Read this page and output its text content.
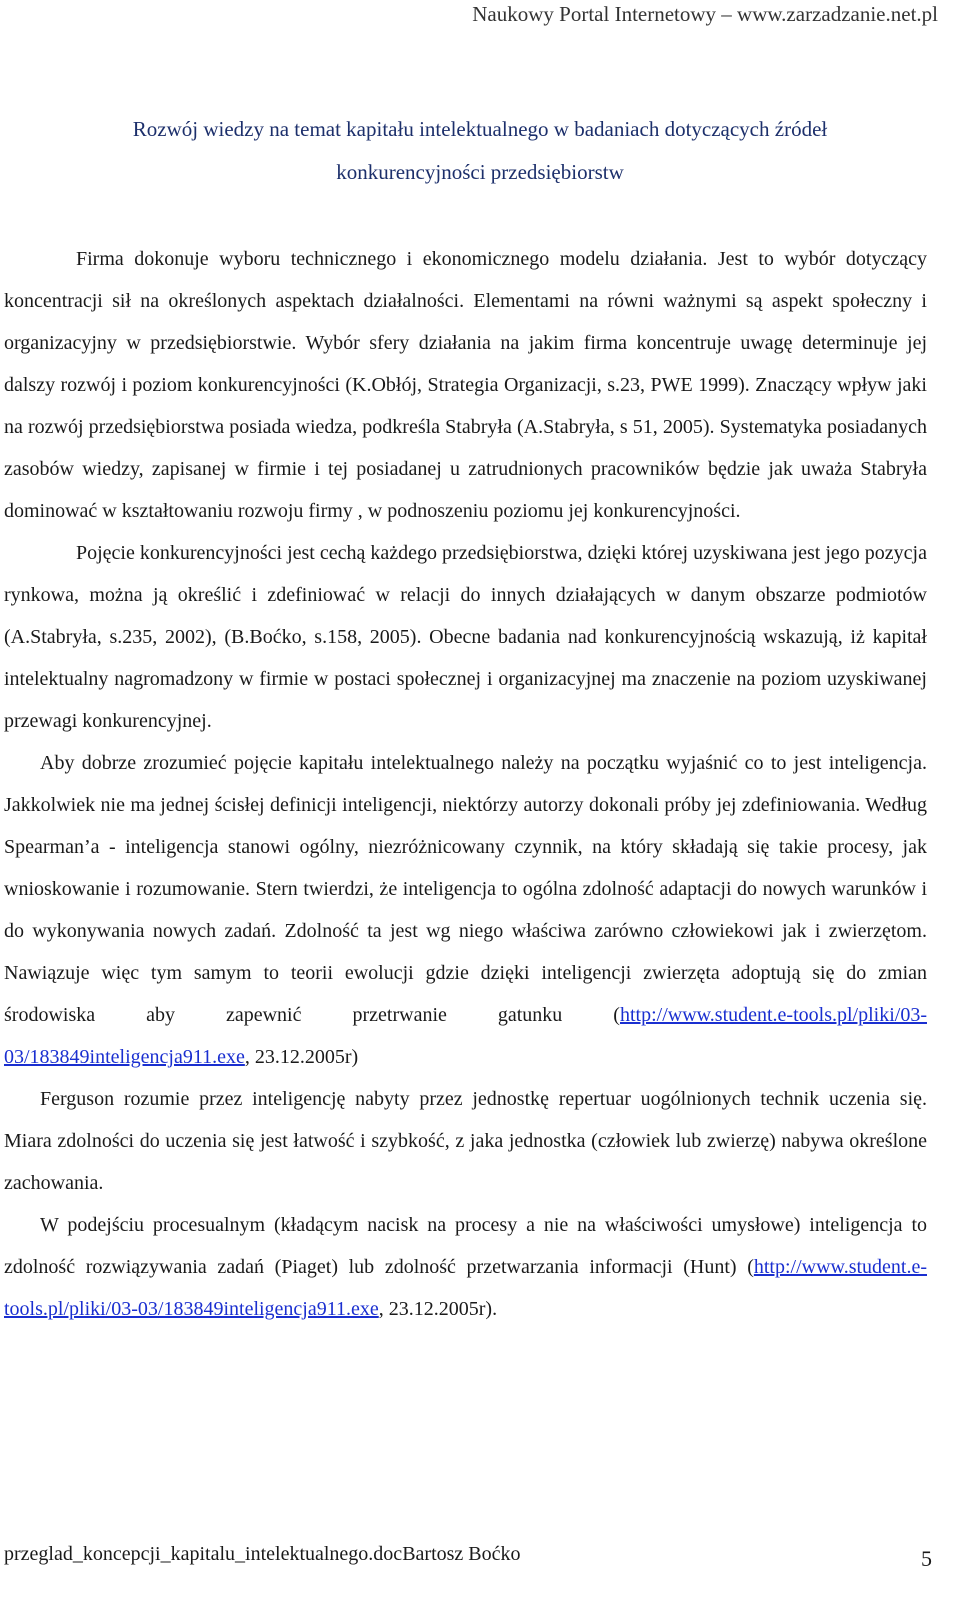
Naukowy Portal Internetowy – www.zarzadzanie.net.pl
Rozwój wiedzy na temat kapitału intelektualnego w badaniach dotyczących źródeł
konkurencyjności przedsiębiorstw

Firma dokonuje wyboru technicznego i ekonomicznego modelu działania. Jest to wybór dotyczący koncentracji sił na określonych aspektach działalności. Elementami na równi ważnymi są aspekt społeczny i organizacyjny w przedsiębiorstwie. Wybór sfery działania na jakim firma koncentruje uwagę determinuje jej dalszy rozwój i poziom konkurencyjności (K.Obłój, Strategia Organizacji, s.23, PWE 1999). Znaczący wpływ jaki na rozwój przedsiębiorstwa posiada wiedza, podkreśla Stabryła (A.Stabryła, s 51, 2005). Systematyka posiadanych zasobów wiedzy, zapisanej w firmie i tej posiadanej u zatrudnionych pracowników będzie jak uważa Stabryła dominować w kształtowaniu rozwoju firmy , w podnoszeniu poziomu jej konkurencyjności.

Pojęcie konkurencyjności jest cechą każdego przedsiębiorstwa, dzięki której uzyskiwana jest jego pozycja rynkowa, można ją określić i zdefiniować w relacji do innych działających w danym obszarze podmiotów (A.Stabryła, s.235, 2002), (B.Boćko, s.158, 2005). Obecne badania nad konkurencyjnością wskazują, iż kapitał intelektualny nagromadzony w firmie w postaci społecznej i organizacyjnej ma znaczenie na poziom uzyskiwanej przewagi konkurencyjnej.

Aby dobrze zrozumieć pojęcie kapitału intelektualnego należy na początku wyjaśnić co to jest inteligencja. Jakkolwiek nie ma jednej ścisłej definicji inteligencji, niektórzy autorzy dokonali próby jej zdefiniowania. Według Spearman’a - inteligencja stanowi ogólny, niezróżnicowany czynnik, na który składają się takie procesy, jak wnioskowanie i rozumowanie. Stern twierdzi, że inteligencja to ogólna zdolność adaptacji do nowych warunków i do wykonywania nowych zadań. Zdolność ta jest wg niego właściwa zarówno człowiekowi jak i zwierzętom. Nawiązuje więc tym samym to teorii ewolucji gdzie dzięki inteligencji zwierzęta adoptują się do zmian środowiska aby zapewnić przetrwanie gatunku (http://www.student.e-tools.pl/pliki/03-03/183849inteligencja911.exe, 23.12.2005r)

Ferguson rozumie przez inteligencję nabyty przez jednostkę repertuar uogólnionych technik uczenia się. Miara zdolności do uczenia się jest łatwość i szybkość, z jaka jednostka (człowiek lub zwierzę) nabywa określone zachowania.

W podejściu procesualnym (kładącym nacisk na procesy a nie na właściwości umysłowe) inteligencja to zdolność rozwiązywania zadań (Piaget) lub zdolność przetwarzania informacji (Hunt) (http://www.student.e-tools.pl/pliki/03-03/183849inteligencja911.exe, 23.12.2005r).

przeglad_koncepcji_kapitalu_intelektualnego.docBartosz Boćko	5
